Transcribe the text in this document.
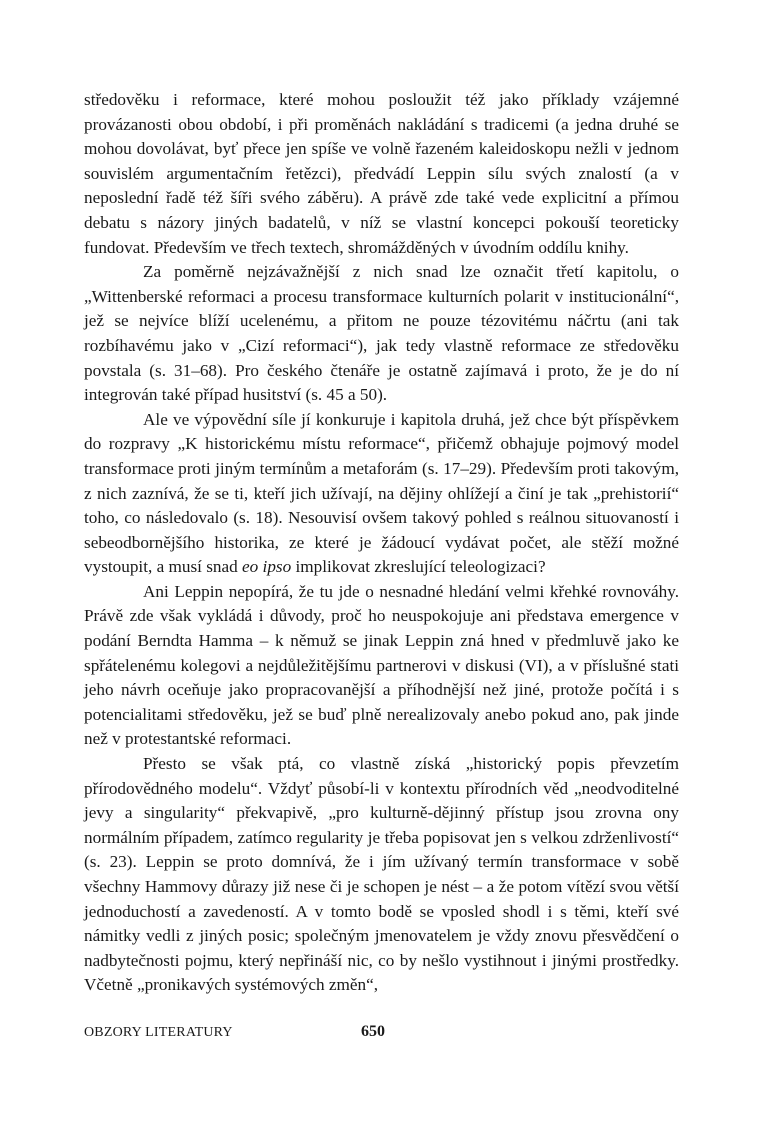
středověku i reformace, které mohou posloužit též jako příklady vzájemné provázanosti obou období, i při proměnách nakládání s tradicemi (a jedna druhé se mohou dovolávat, byť přece jen spíše ve volně řazeném kaleidoskopu nežli v jednom souvislém argumentačním řetězci), předvádí Leppin sílu svých znalostí (a v neposlední řadě též šíři svého záběru). A právě zde také vede explicitní a přímou debatu s názory jiných badatelů, v níž se vlastní koncepci pokouší teoreticky fundovat. Především ve třech textech, shromážděných v úvodním oddílu knihy.

Za poměrně nejzávažnější z nich snad lze označit třetí kapitolu, o „Wittenberské reformaci a procesu transformace kulturních polarit v institucionální“, jež se nejvíce blíží ucelenému, a přitom ne pouze tézovitému náčrtu (ani tak rozbíhavému jako v „Cizí reformaci“), jak tedy vlastně reformace ze středověku povstala (s. 31–68). Pro českého čtenáře je ostatně zajímavá i proto, že je do ní integrován také případ husitství (s. 45 a 50).

Ale ve výpovědní síle jí konkuruje i kapitola druhá, jež chce být příspěvkem do rozpravy „K historickému místu reformace“, přičemž obhajuje pojmový model transformace proti jiným termínům a metaforám (s. 17–29). Především proti takovým, z nich zaznívá, že se ti, kteří jich užívají, na dějiny ohlížejí a činí je tak „prehistorií“ toho, co následovalo (s. 18). Nesouvisí ovšem takový pohled s reálnou situovaností i sebeodbornějšího historika, ze které je žádoucí vydávat počet, ale stěží možné vystoupit, a musí snad eo ipso implikovat zkreslující teleologizaci?

Ani Leppin nepopírá, že tu jde o nesnadné hledání velmi křehké rovnováhy. Právě zde však vykládá i důvody, proč ho neuspokojuje ani představa emergence v podání Berndta Hamma – k němuž se jinak Leppin zná hned v předmluvě jako ke spřátelenému kolegovi a nejdůležitějšímu partnerovi v diskusi (VI), a v příslušné stati jeho návrh oceňuje jako propracovanější a příhodnější než jiné, protože počítá i s potencialitami středověku, jež se buď plně nerealizovaly anebo pokud ano, pak jinde než v protestantské reformaci.

Přesto se však ptá, co vlastně získá „historický popis převzetím přírodovědného modelu“. Vždyť působí-li v kontextu přírodních věd „neodvoditelné jevy a singularity“ překvapivě, „pro kulturně-dějinný přístup jsou zrovna ony normálním případem, zatímco regularity je třeba popisovat jen s velkou zdrženlivostí“ (s. 23). Leppin se proto domnívá, že i jím užívaný termín transformace v sobě všechny Hammovy důrazy již nese či je schopen je nést – a že potom vítězí svou větší jednoduchostí a zavedeností. A v tomto bodě se vposled shodl i s těmi, kteří své námitky vedli z jiných posic; společným jmenovatelem je vždy znovu přesvědčení o nadbytečnosti pojmu, který nepřináší nic, co by nešlo vystihnout i jinými prostředky. Včetně „pronikavých systémových změn“,

OBZORY LITERATURY	650
